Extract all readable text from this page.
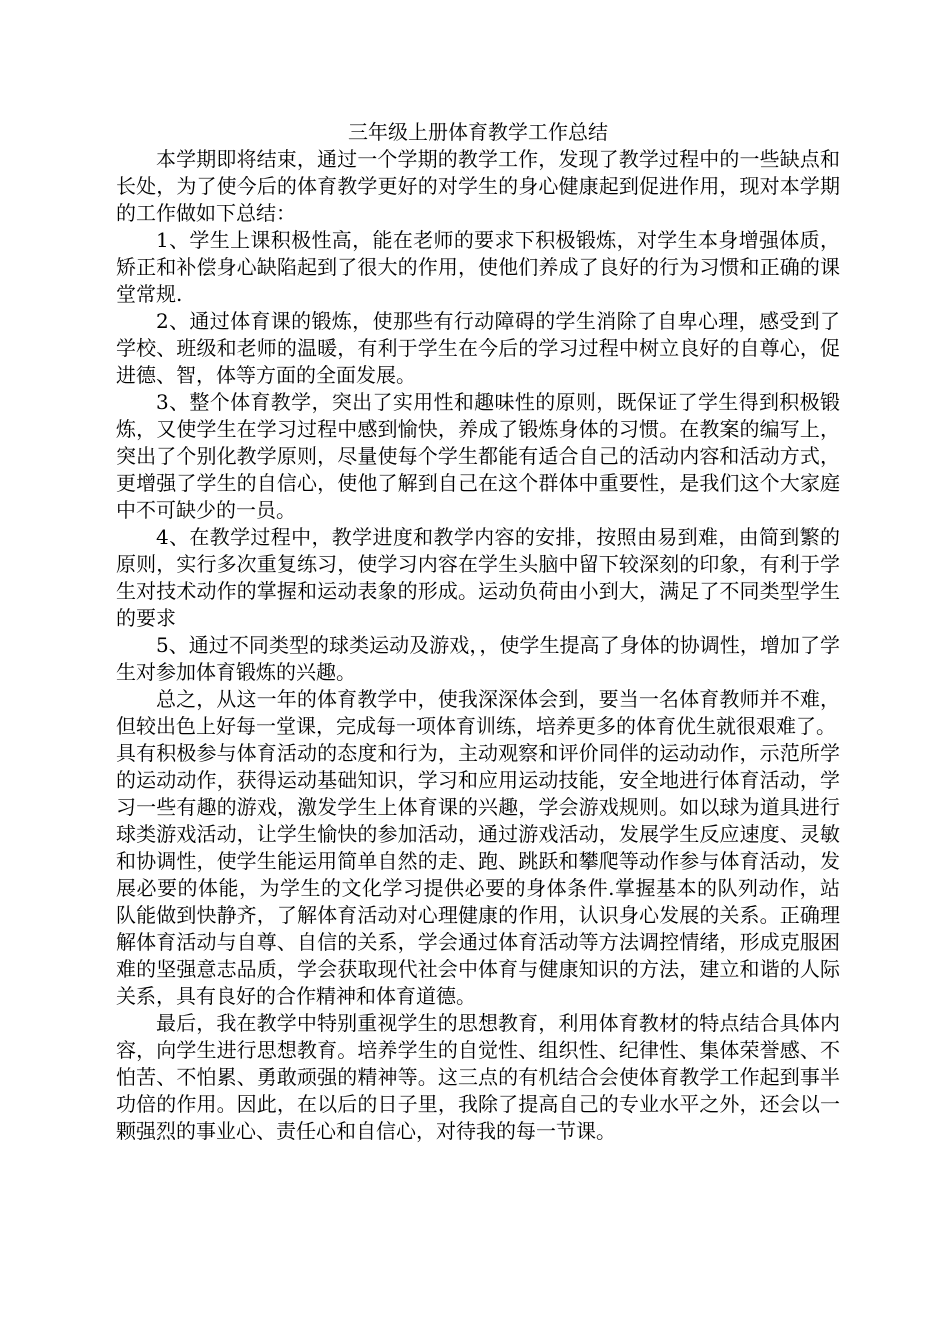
三年级上册体育教学工作总结

本学期即将结束，通过一个学期的教学工作，发现了教学过程中的一些缺点和长处，为了使今后的体育教学更好的对学生的身心健康起到促进作用，现对本学期的工作做如下总结：

1、学生上课积极性高，能在老师的要求下积极锻炼，对学生本身增强体质，矫正和补偿身心缺陷起到了很大的作用，使他们养成了良好的行为习惯和正确的课堂常规.

2、通过体育课的锻炼，使那些有行动障碍的学生消除了自卑心理，感受到了学校、班级和老师的温暖，有利于学生在今后的学习过程中树立良好的自尊心，促进德、智，体等方面的全面发展。

3、整个体育教学，突出了实用性和趣味性的原则，既保证了学生得到积极锻炼，又使学生在学习过程中感到愉快，养成了锻炼身体的习惯。在教案的编写上，突出了个别化教学原则，尽量使每个学生都能有适合自己的活动内容和活动方式，更增强了学生的自信心，使他了解到自己在这个群体中重要性，是我们这个大家庭中不可缺少的一员。

4、在教学过程中，教学进度和教学内容的安排，按照由易到难，由简到繁的原则，实行多次重复练习，使学习内容在学生头脑中留下较深刻的印象，有利于学生对技术动作的掌握和运动表象的形成。运动负荷由小到大，满足了不同类型学生的要求

5、通过不同类型的球类运动及游戏，，使学生提高了身体的协调性，增加了学生对参加体育锻炼的兴趣。

总之，从这一年的体育教学中，使我深深体会到，要当一名体育教师并不难，但较出色上好每一堂课，完成每一项体育训练，培养更多的体育优生就很艰难了。

具有积极参与体育活动的态度和行为，主动观察和评价同伴的运动动作，示范所学的运动动作，获得运动基础知识，学习和应用运动技能，安全地进行体育活动，学习一些有趣的游戏，激发学生上体育课的兴趣，学会游戏规则。如以球为道具进行球类游戏活动，让学生愉快的参加活动，通过游戏活动，发展学生反应速度、灵敏和协调性，使学生能运用简单自然的走、跑、跳跃和攀爬等动作参与体育活动，发展必要的体能，为学生的文化学习提供必要的身体条件.掌握基本的队列动作，站队能做到快静齐，了解体育活动对心理健康的作用，认识身心发展的关系。正确理解体育活动与自尊、自信的关系，学会通过体育活动等方法调控情绪，形成克服困难的坚强意志品质，学会获取现代社会中体育与健康知识的方法，建立和谐的人际关系，具有良好的合作精神和体育道德。

最后，我在教学中特别重视学生的思想教育，利用体育教材的特点结合具体内容，向学生进行思想教育。培养学生的自觉性、组织性、纪律性、集体荣誉感、不怕苦、不怕累、勇敢顽强的精神等。这三点的有机结合会使体育教学工作起到事半功倍的作用。因此，在以后的日子里，我除了提高自己的专业水平之外，还会以一颗强烈的事业心、责任心和自信心，对待我的每一节课。
